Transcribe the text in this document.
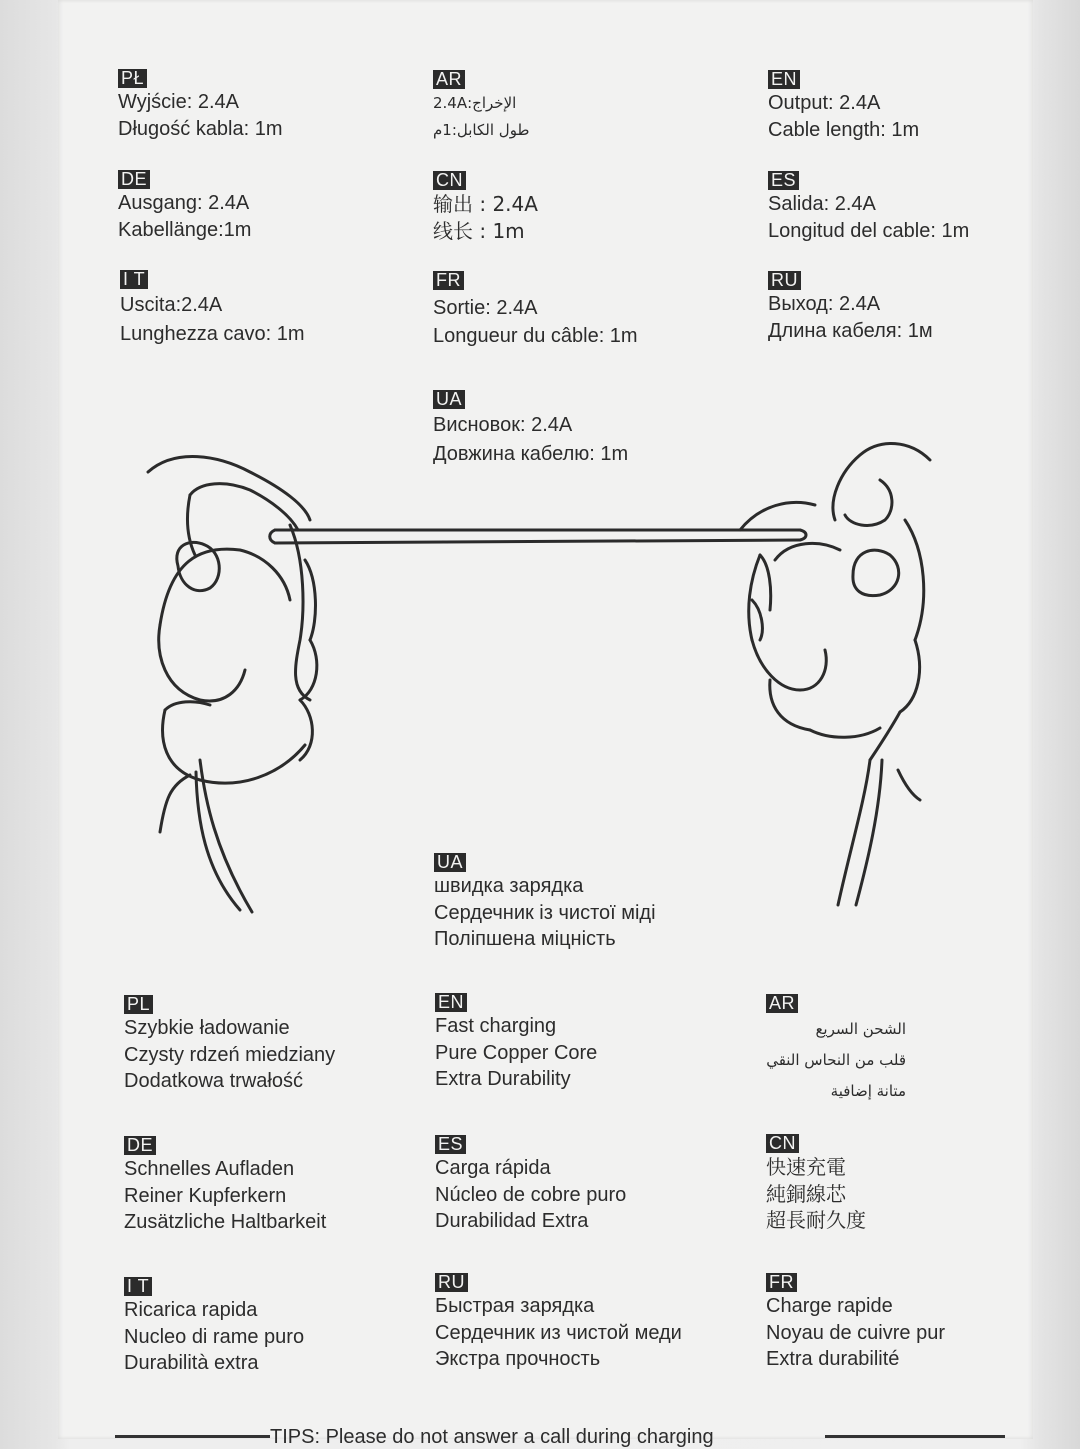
PŁ
Wyjście: 2.4A
Długość kabla: 1m
AR
الإخراج:2.4A
طول الكابل:1م
EN
Output: 2.4A
Cable length: 1m
DE
Ausgang: 2.4A
Kabellänge:1m
CN
输出 : 2.4A
线长 : 1m
ES
Salida: 2.4A
Longitud del cable: 1m
I T
Uscita:2.4A
Lunghezza cavo: 1m
FR
Sortie: 2.4A
Longueur du câble: 1m
RU
Выход: 2.4A
Длина кабеля: 1м
UA
Висновок: 2.4A
Довжина кабелю: 1m
UA
швидка зарядка
Сердечник із чистої міді
Поліпшена міцність
PL
Szybkie ładowanie
Czysty rdzeń miedziany
Dodatkowa trwałość
EN
Fast charging
Pure Copper Core
Extra Durability
AR
الشحن السريع
قلب من النحاس النقي
متانة إضافية
DE
Schnelles Aufladen
Reiner Kupferkern
Zusätzliche Haltbarkeit
ES
Carga rápida
Núcleo de cobre puro
Durabilidad Extra
CN
快速充電
純銅線芯
超長耐久度
I T
Ricarica rapida
Nucleo di rame puro
Durabilità extra
RU
Быстрая зарядка
Сердечник из чистой меди
Экстра прочность
FR
Charge rapide
Noyau de cuivre pur
Extra durabilité
TIPS: Please do not answer a call during charging
